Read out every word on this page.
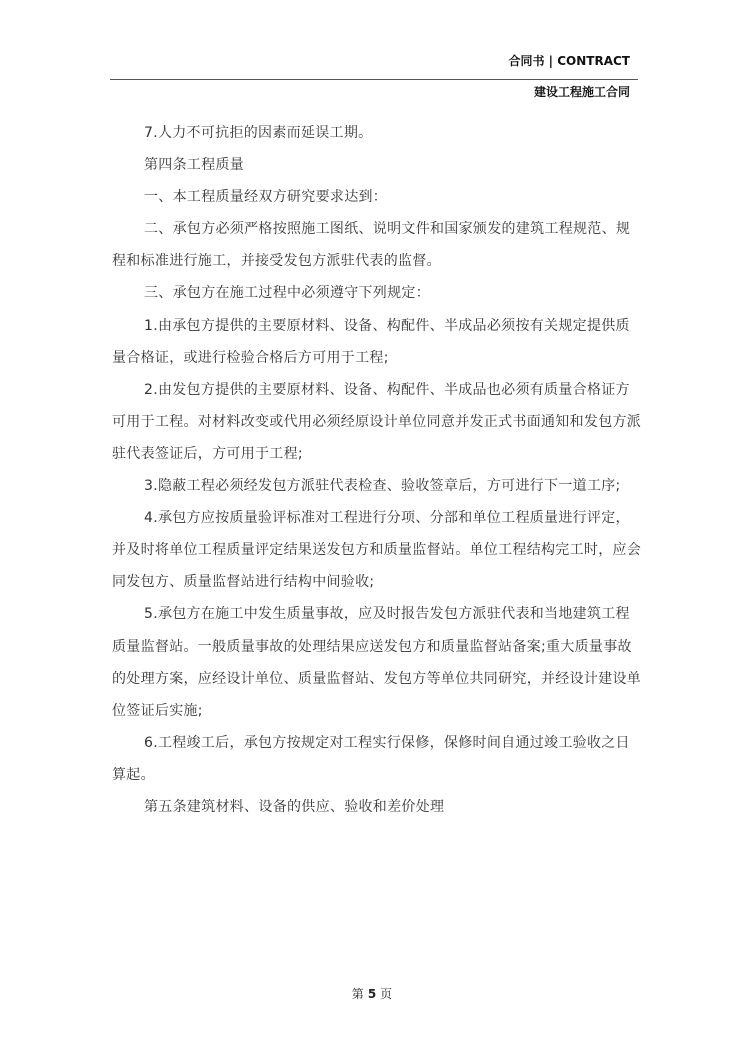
合同书 | CONTRACT
建设工程施工合同

7.人力不可抗拒的因素而延误工期。

第四条工程质量

一、本工程质量经双方研究要求达到：

二、承包方必须严格按照施工图纸、说明文件和国家颁发的建筑工程规范、规程和标准进行施工，并接受发包方派驻代表的监督。

三、承包方在施工过程中必须遵守下列规定：

1.由承包方提供的主要原材料、设备、构配件、半成品必须按有关规定提供质量合格证，或进行检验合格后方可用于工程;

2.由发包方提供的主要原材料、设备、构配件、半成品也必须有质量合格证方可用于工程。对材料改变或代用必须经原设计单位同意并发正式书面通知和发包方派驻代表签证后，方可用于工程;

3.隐蔽工程必须经发包方派驻代表检查、验收签章后，方可进行下一道工序;

4.承包方应按质量验评标准对工程进行分项、分部和单位工程质量进行评定，并及时将单位工程质量评定结果送发包方和质量监督站。单位工程结构完工时，应会同发包方、质量监督站进行结构中间验收;

5.承包方在施工中发生质量事故，应及时报告发包方派驻代表和当地建筑工程质量监督站。一般质量事故的处理结果应送发包方和质量监督站备案;重大质量事故的处理方案，应经设计单位、质量监督站、发包方等单位共同研究，并经设计建设单位签证后实施;

6.工程竣工后，承包方按规定对工程实行保修，保修时间自通过竣工验收之日算起。

第五条建筑材料、设备的供应、验收和差价处理

第 5 页
